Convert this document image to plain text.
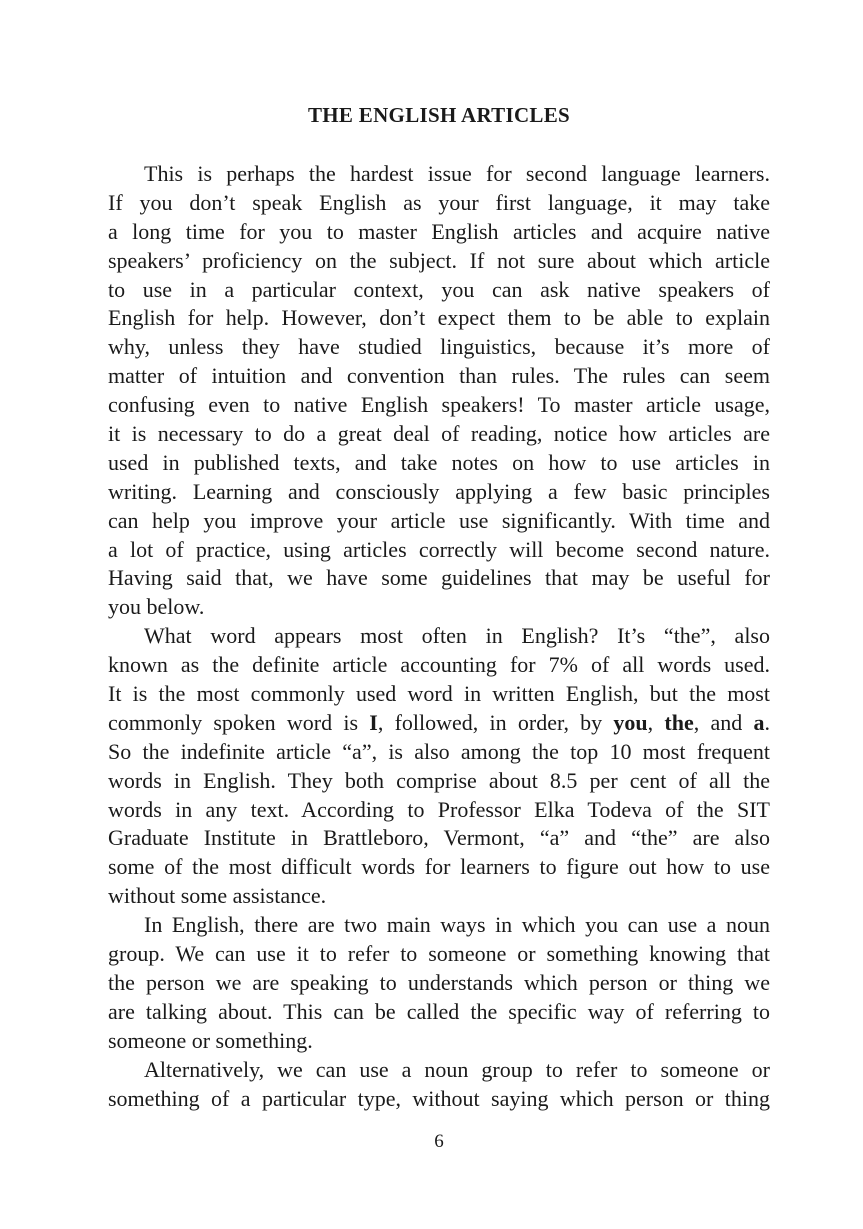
THE ENGLISH ARTICLES
This is perhaps the hardest issue for second language learners.
If you don’t speak English as your first language, it may take
a long time for you to master English articles and acquire native
speakers’ proficiency on the subject. If not sure about which article
to use in a particular context, you can ask native speakers of
English for help. However, don’t expect them to be able to explain
why, unless they have studied linguistics, because it’s more of
matter of intuition and convention than rules. The rules can seem
confusing even to native English speakers! To master article usage,
it is necessary to do a great deal of reading, notice how articles are
used in published texts, and take notes on how to use articles in
writing. Learning and consciously applying a few basic principles
can help you improve your article use significantly. With time and
a lot of practice, using articles correctly will become second nature.
Having said that, we have some guidelines that may be useful for
you below.
What word appears most often in English? It’s “the”, also
known as the definite article accounting for 7% of all words used.
It is the most commonly used word in written English, but the most
commonly spoken word is I, followed, in order, by you, the, and a.
So the indefinite article “a”, is also among the top 10 most frequent
words in English. They both comprise about 8.5 per cent of all the
words in any text. According to Professor Elka Todeva of the SIT
Graduate Institute in Brattleboro, Vermont, “a” and “the” are also
some of the most difficult words for learners to figure out how to use
without some assistance.
In English, there are two main ways in which you can use a noun
group. We can use it to refer to someone or something knowing that
the person we are speaking to understands which person or thing we
are talking about. This can be called the specific way of referring to
someone or something.
Alternatively, we can use a noun group to refer to someone or
something of a particular type, without saying which person or thing
6
